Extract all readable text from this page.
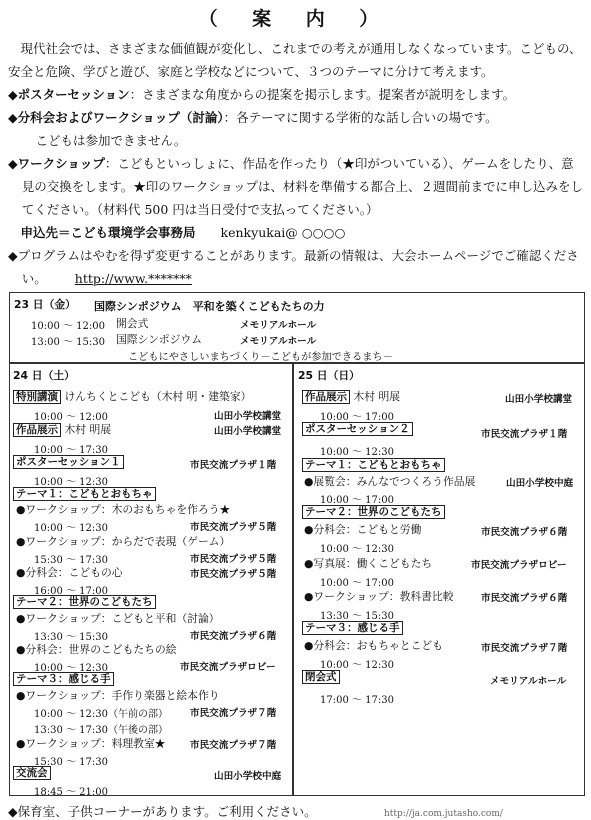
（ 案 内 ）

現代社会では、さまざまな価値観が変化し、これまでの考えが通用しなくなっています。こどもの、安全と危険、学びと遊び、家庭と学校などについて、３つのテーマに分けて考えます。

◆ポスターセッション：さまざまな角度からの提案を掲示します。提案者が説明をします。

◆分科会およびワークショップ（討論）：各テーマに関する学術的な話し合いの場です。

こどもは参加できません。

◆ワークショップ：こどもといっしょに、作品を作ったり（★印がついている）、ゲームをしたり、意見の交換をします。★印のワークショップは、材料を準備する都合上、２週間前までに申し込みをしてください。（材料代 500 円は当日受付で支払ってください。）

申込先＝こども環境学会事務局　　 kenkyukai@ ○○○○

◆プログラムはやむを得ず変更することがあります。最新の情報は、大会ホームページでご確認ください。 http://www.*******

23 日（金） 国際シンポジウム　平和を築くこどもたちの力
10:00 ～ 12:00 開会式	メモリアルホール
13:00 ～ 15:30 国際シンポジウム	メモリアルホール
こどもにやさしいまちづくり－こどもが参加できるまち－
24 日（土）
特別講演 けんちくとこども（木村 明・建築家）
10:00 ～ 12:00	山田小学校講堂
作品展示 木村 明展	山田小学校講堂
10:00 ～ 17:30
ポスターセッション１	市民交流プラザ１階
10:00 ～ 12:30
テーマ１：こどもとおもちゃ
●ワークショップ：木のおもちゃを作ろう★
10:00 ～ 12:30	市民交流プラザ５階
●ワークショップ：からだで表現（ゲーム）
15:30 ～ 17:30	市民交流プラザ５階
●分科会：こどもの心	市民交流プラザ５階
16:00 ～ 17:00
テーマ２：世界のこどもたち
●ワークショップ：こどもと平和（討論）
13:30 ～ 15:30	市民交流プラザ６階
●分科会：世界のこどもたちの絵
10:00 ～ 12:30	市民交流プラザロビー
テーマ３：感じる手
●ワークショップ：手作り楽器と絵本作り
10:00 ～ 12:30（午前の部） 市民交流プラザ７階
13:30 ～ 17:30（午後の部）
●ワークショップ：料理教室★	市民交流プラザ７階
15:30 ～ 17:30
交流会	山田小学校中庭
18:45 ～ 21:00
25 日（日）
作品展示 木村 明展	山田小学校講堂
10:00 ～ 17:00
ポスターセッション２	市民交流プラザ１階
10:00 ～ 12:30
テーマ１：こどもとおもちゃ
●展覧会：みんなでつくろう作品展	山田小学校中庭
10:00 ～ 17:00
テーマ２：世界のこどもたち
●分科会：こどもと労働	市民交流プラザ６階
10:00 ～ 12:30
●写真展：働くこどもたち	市民交流プラザロビー
10:00 ～ 17:00
●ワークショップ：教科書比較	市民交流プラザ６階
13:30 ～ 15:30
テーマ３：感じる手
●分科会：おもちゃとこども	市民交流プラザ７階
10:00 ～ 12:30
閉会式	メモリアルホール
17:00 ～ 17:30
◆保育室、子供コーナーがあります。ご利用ください。	http://ja.com.jutasho.com/
